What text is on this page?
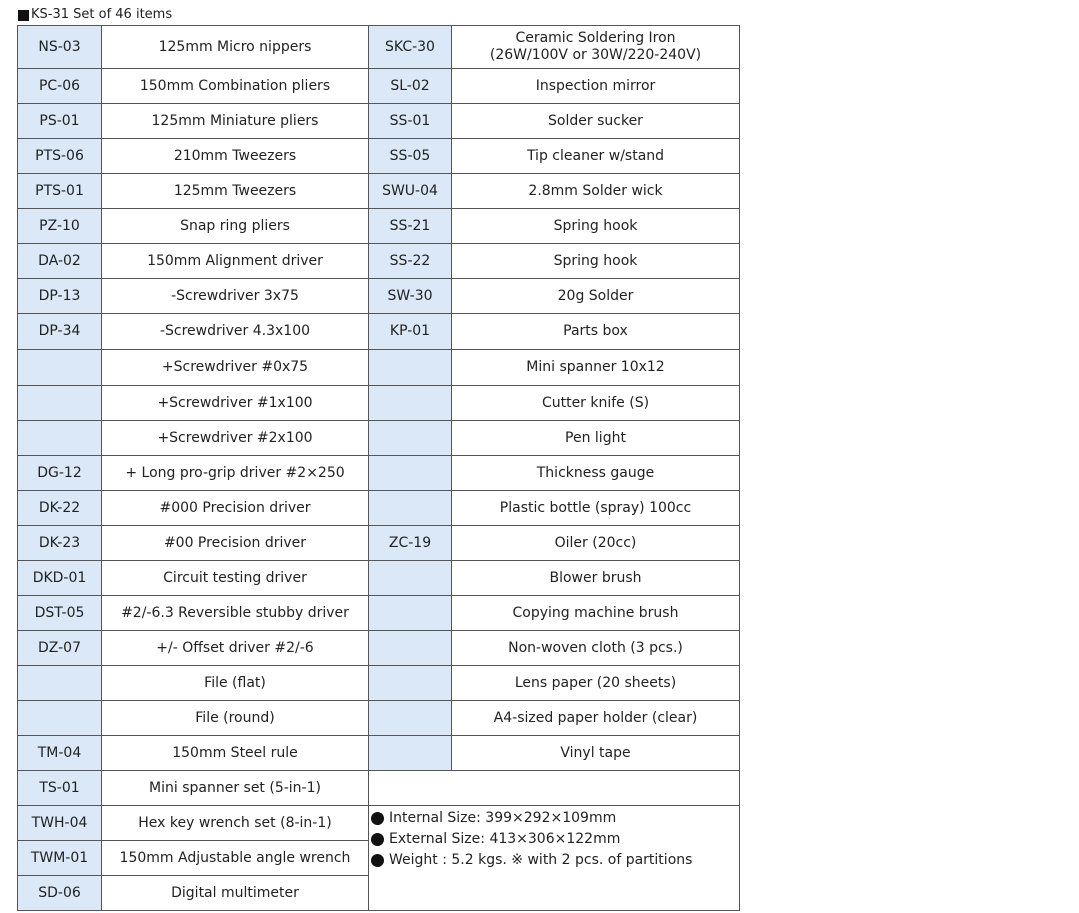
KS-31 Set of 46 items
NS-03	125mm Micro nippers	SKC-30	Ceramic Soldering Iron
(26W/100V or 30W/220-240V)

PC-06	150mm Combination pliers	SL-02	Inspection mirror
PS-01	125mm Miniature pliers	SS-01	Solder sucker
PTS-06	210mm Tweezers	SS-05	Tip cleaner w/stand
PTS-01	125mm Tweezers	SWU-04	2.8mm Solder wick
PZ-10	Snap ring pliers	SS-21	Spring hook
DA-02	150mm Alignment driver	SS-22	Spring hook
DP-13	-Screwdriver 3x75	SW-30	20g Solder
DP-34	-Screwdriver 4.3x100	KP-01	Parts box
	+Screwdriver #0x75		Mini spanner 10x12
	+Screwdriver #1x100		Cutter knife (S)
	+Screwdriver #2x100		Pen light
DG-12	+ Long pro-grip driver #2×250		Thickness gauge
DK-22	#000 Precision driver		Plastic bottle (spray) 100cc
DK-23	#00 Precision driver	ZC-19	Oiler (20cc)
DKD-01	Circuit testing driver		Blower brush
DST-05	#2/-6.3 Reversible stubby driver		Copying machine brush
DZ-07	+/- Offset driver #2/-6		Non-woven cloth (3 pcs.)
	File (flat)		Lens paper (20 sheets)
	File (round)		A4-sized paper holder (clear)
TM-04	150mm Steel rule		Vinyl tape
TS-01	Mini spanner set (5-in-1)		
TWH-04	Hex key wrench set (8-in-1)	Internal Size: 399×292×109mm
External Size: 413×306×122mm
Weight : 5.2 kgs. ※ with 2 pcs. of partitions	

TWM-01	150mm Adjustable angle wrench		
SD-06	Digital multimeter		
